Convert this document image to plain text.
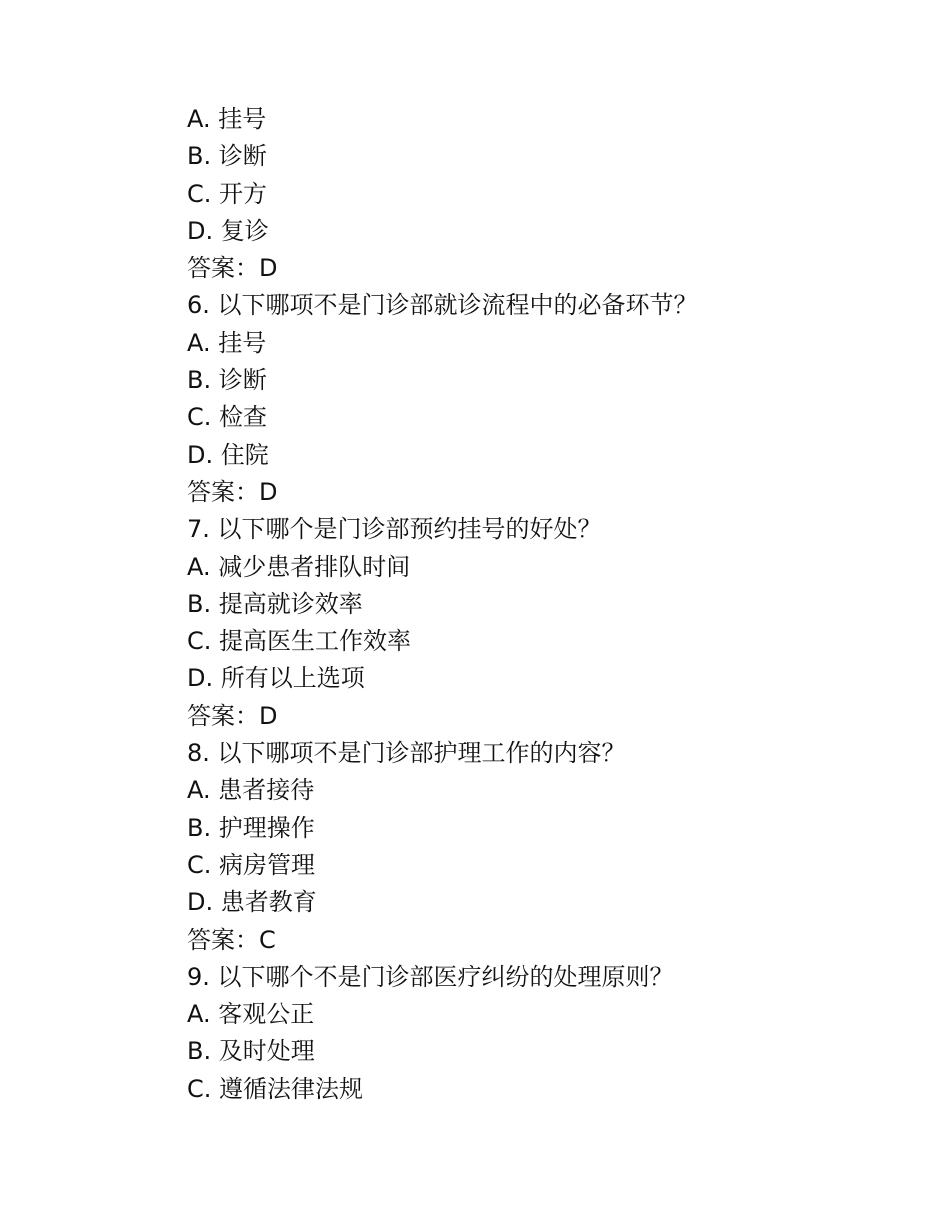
A. 挂号
B. 诊断
C. 开方
D. 复诊
答案：D
6. 以下哪项不是门诊部就诊流程中的必备环节？
A. 挂号
B. 诊断
C. 检查
D. 住院
答案：D
7. 以下哪个是门诊部预约挂号的好处？
A. 减少患者排队时间
B. 提高就诊效率
C. 提高医生工作效率
D. 所有以上选项
答案：D
8. 以下哪项不是门诊部护理工作的内容？
A. 患者接待
B. 护理操作
C. 病房管理
D. 患者教育
答案：C
9. 以下哪个不是门诊部医疗纠纷的处理原则？
A. 客观公正
B. 及时处理
C. 遵循法律法规
